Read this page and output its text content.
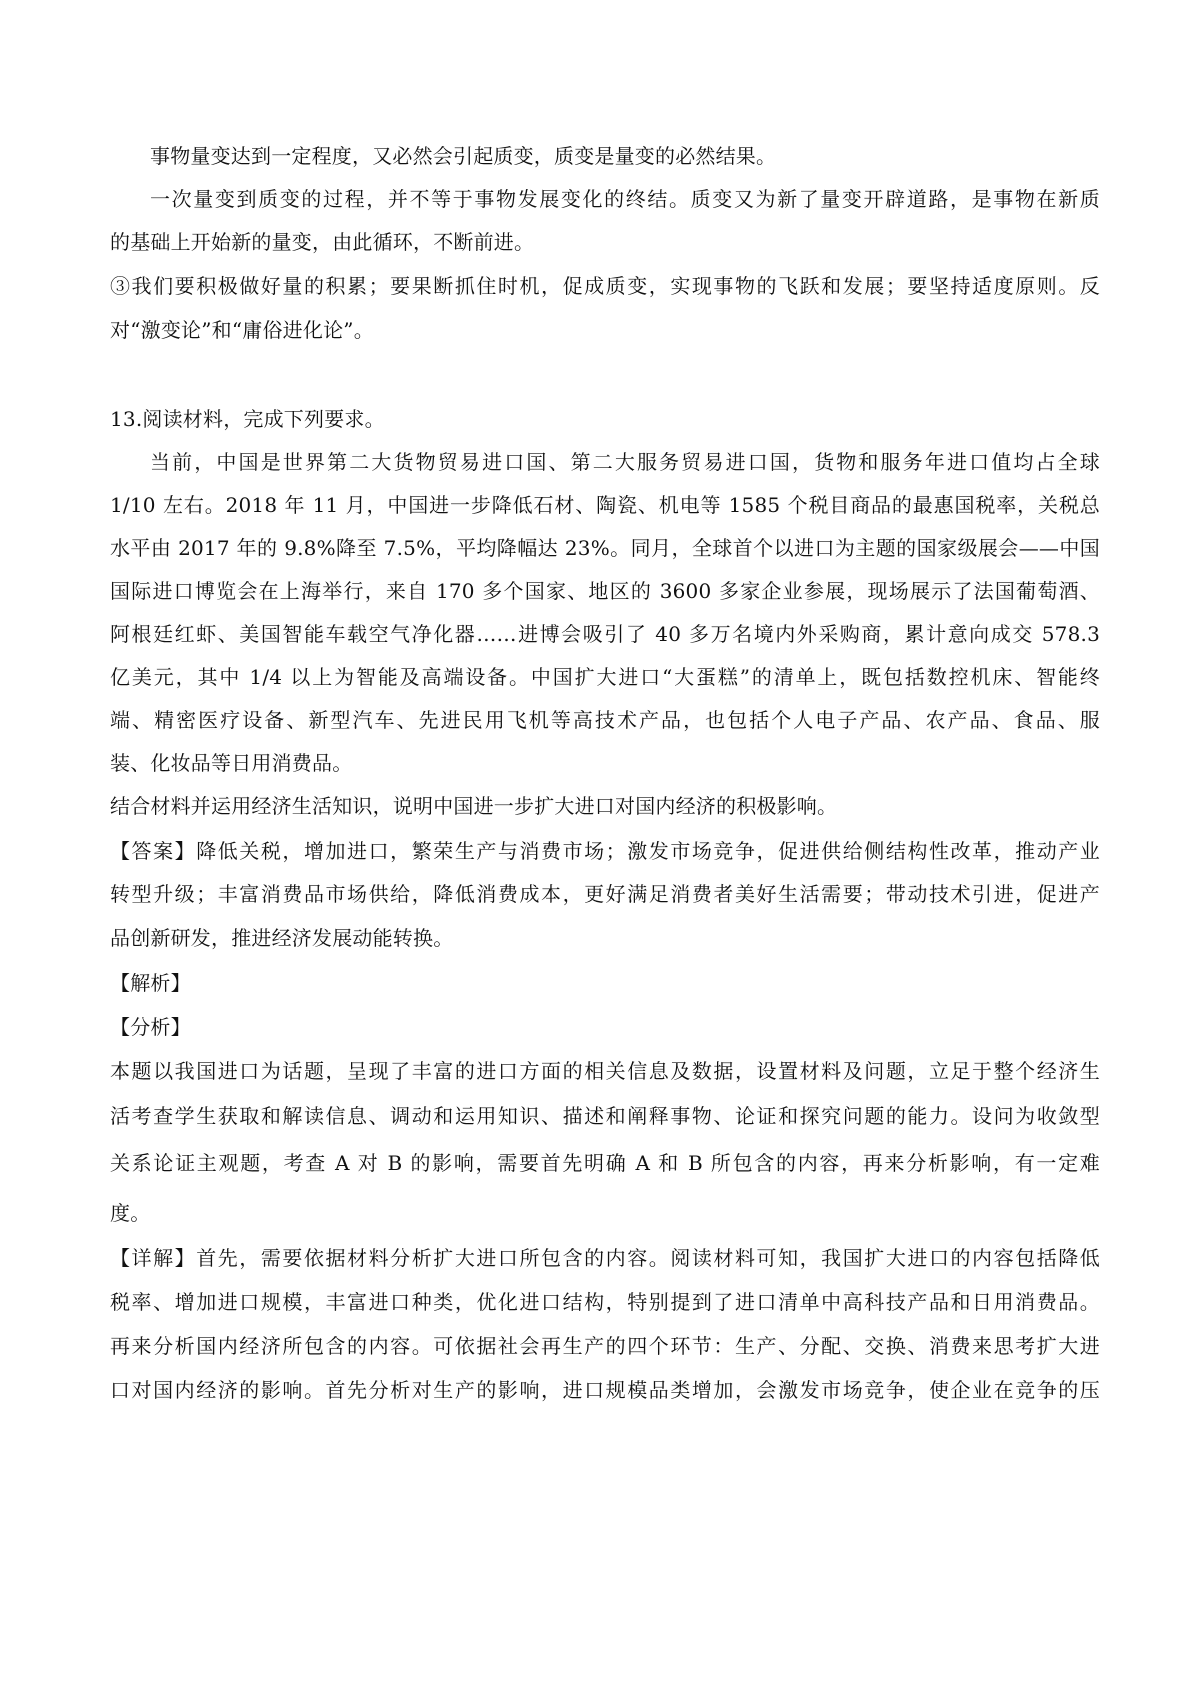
事物量变达到一定程度，又必然会引起质变，质变是量变的必然结果。
一次量变到质变的过程，并不等于事物发展变化的终结。质变又为新了量变开辟道路，是事物在新质
的基础上开始新的量变，由此循环，不断前进。
③我们要积极做好量的积累；要果断抓住时机，促成质变，实现事物的飞跃和发展；要坚持适度原则。反
对“激变论”和“庸俗进化论”。
13.阅读材料，完成下列要求。
当前，中国是世界第二大货物贸易进口国、第二大服务贸易进口国，货物和服务年进口值均占全球
1/10 左右。2018 年 11 月，中国进一步降低石材、陶瓷、机电等 1585 个税目商品的最惠国税率，关税总
水平由 2017 年的 9.8%降至 7.5%，平均降幅达 23%。同月，全球首个以进口为主题的国家级展会——中国
国际进口博览会在上海举行，来自 170 多个国家、地区的 3600 多家企业参展，现场展示了法国葡萄酒、
阿根廷红虾、美国智能车载空气净化器……进博会吸引了 40 多万名境内外采购商，累计意向成交 578.3
亿美元，其中 1/4 以上为智能及高端设备。中国扩大进口“大蛋糕”的清单上，既包括数控机床、智能终
端、精密医疗设备、新型汽车、先进民用飞机等高技术产品，也包括个人电子产品、农产品、食品、服
装、化妆品等日用消费品。
结合材料并运用经济生活知识，说明中国进一步扩大进口对国内经济的积极影响。
【答案】降低关税，增加进口，繁荣生产与消费市场；激发市场竞争，促进供给侧结构性改革，推动产业
转型升级；丰富消费品市场供给，降低消费成本，更好满足消费者美好生活需要；带动技术引进，促进产
品创新研发，推进经济发展动能转换。
【解析】
【分析】
本题以我国进口为话题，呈现了丰富的进口方面的相关信息及数据，设置材料及问题，立足于整个经济生
活考查学生获取和解读信息、调动和运用知识、描述和阐释事物、论证和探究问题的能力。设问为收敛型
关系论证主观题，考查 A 对 B 的影响，需要首先明确 A 和 B 所包含的内容，再来分析影响，有一定难
度。
【详解】首先，需要依据材料分析扩大进口所包含的内容。阅读材料可知，我国扩大进口的内容包括降低
税率、增加进口规模，丰富进口种类，优化进口结构，特别提到了进口清单中高科技产品和日用消费品。
再来分析国内经济所包含的内容。可依据社会再生产的四个环节：生产、分配、交换、消费来思考扩大进
口对国内经济的影响。首先分析对生产的影响，进口规模品类增加，会激发市场竞争，使企业在竞争的压
